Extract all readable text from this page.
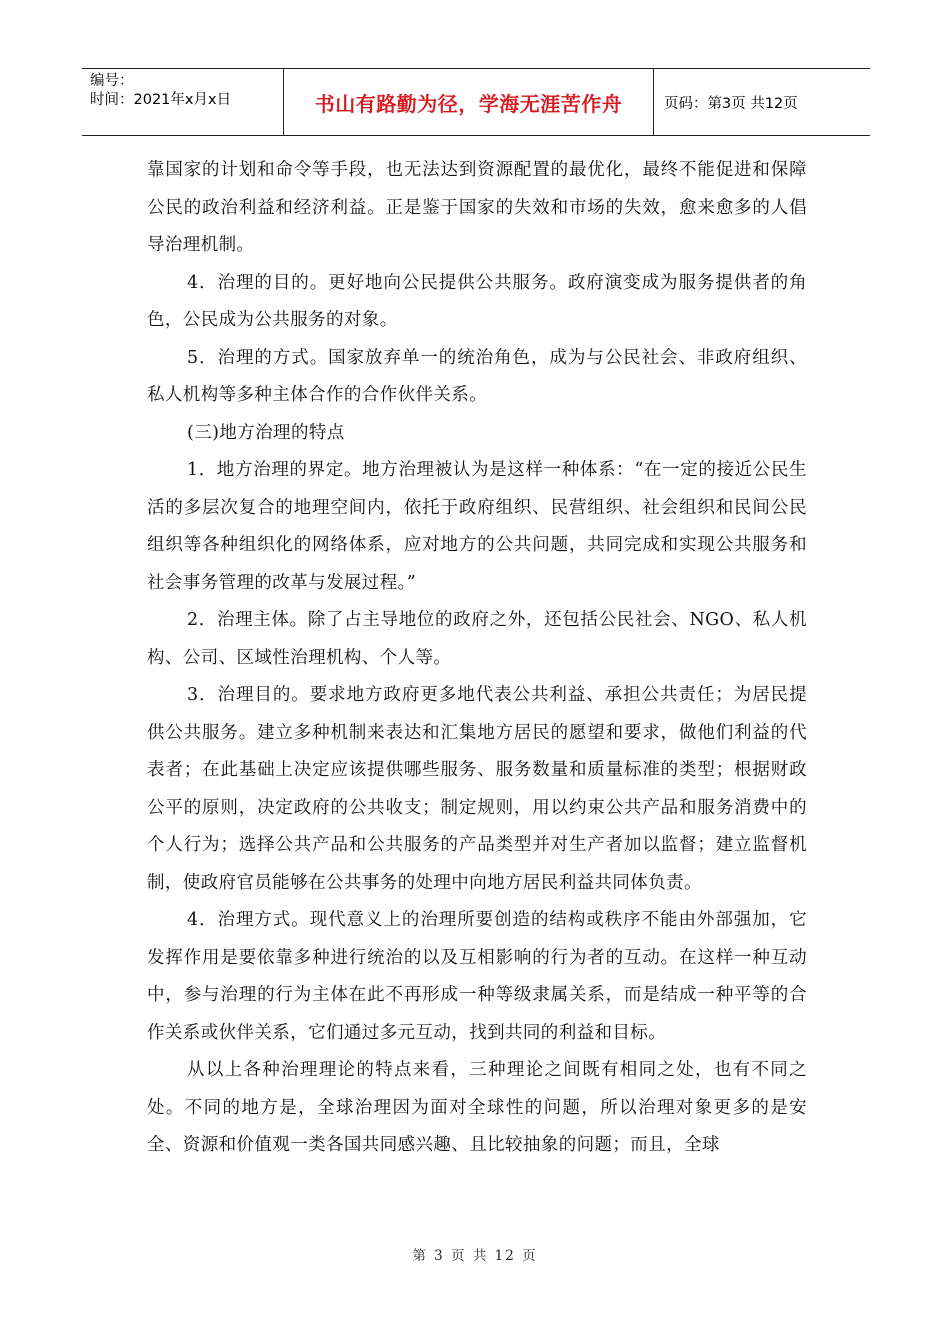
编号：
时间：2021年x月x日	书山有路勤为径，学海无涯苦作舟	页码：第3页 共12页

靠国家的计划和命令等手段，也无法达到资源配置的最优化，最终不能促进和保障公民的政治利益和经济利益。正是鉴于国家的失效和市场的失效，愈来愈多的人倡导治理机制。

4．治理的目的。更好地向公民提供公共服务。政府演变成为服务提供者的角色，公民成为公共服务的对象。

5．治理的方式。国家放弃单一的统治角色，成为与公民社会、非政府组织、私人机构等多种主体合作的合作伙伴关系。

(三)地方治理的特点

1．地方治理的界定。地方治理被认为是这样一种体系：“在一定的接近公民生活的多层次复合的地理空间内，依托于政府组织、民营组织、社会组织和民间公民组织等各种组织化的网络体系，应对地方的公共问题，共同完成和实现公共服务和社会事务管理的改革与发展过程。”

2．治理主体。除了占主导地位的政府之外，还包括公民社会、NGO、私人机构、公司、区域性治理机构、个人等。

3．治理目的。要求地方政府更多地代表公共利益、承担公共责任；为居民提供公共服务。建立多种机制来表达和汇集地方居民的愿望和要求，做他们利益的代表者；在此基础上决定应该提供哪些服务、服务数量和质量标准的类型；根据财政公平的原则，决定政府的公共收支；制定规则，用以约束公共产品和服务消费中的个人行为；选择公共产品和公共服务的产品类型并对生产者加以监督；建立监督机制，使政府官员能够在公共事务的处理中向地方居民利益共同体负责。

4．治理方式。现代意义上的治理所要创造的结构或秩序不能由外部强加，它发挥作用是要依靠多种进行统治的以及互相影响的行为者的互动。在这样一种互动中，参与治理的行为主体在此不再形成一种等级隶属关系，而是结成一种平等的合作关系或伙伴关系，它们通过多元互动，找到共同的利益和目标。

从以上各种治理理论的特点来看，三种理论之间既有相同之处，也有不同之处。不同的地方是，全球治理因为面对全球性的问题，所以治理对象更多的是安全、资源和价值观一类各国共同感兴趣、且比较抽象的问题；而且，全球

第 3 页 共 12 页
